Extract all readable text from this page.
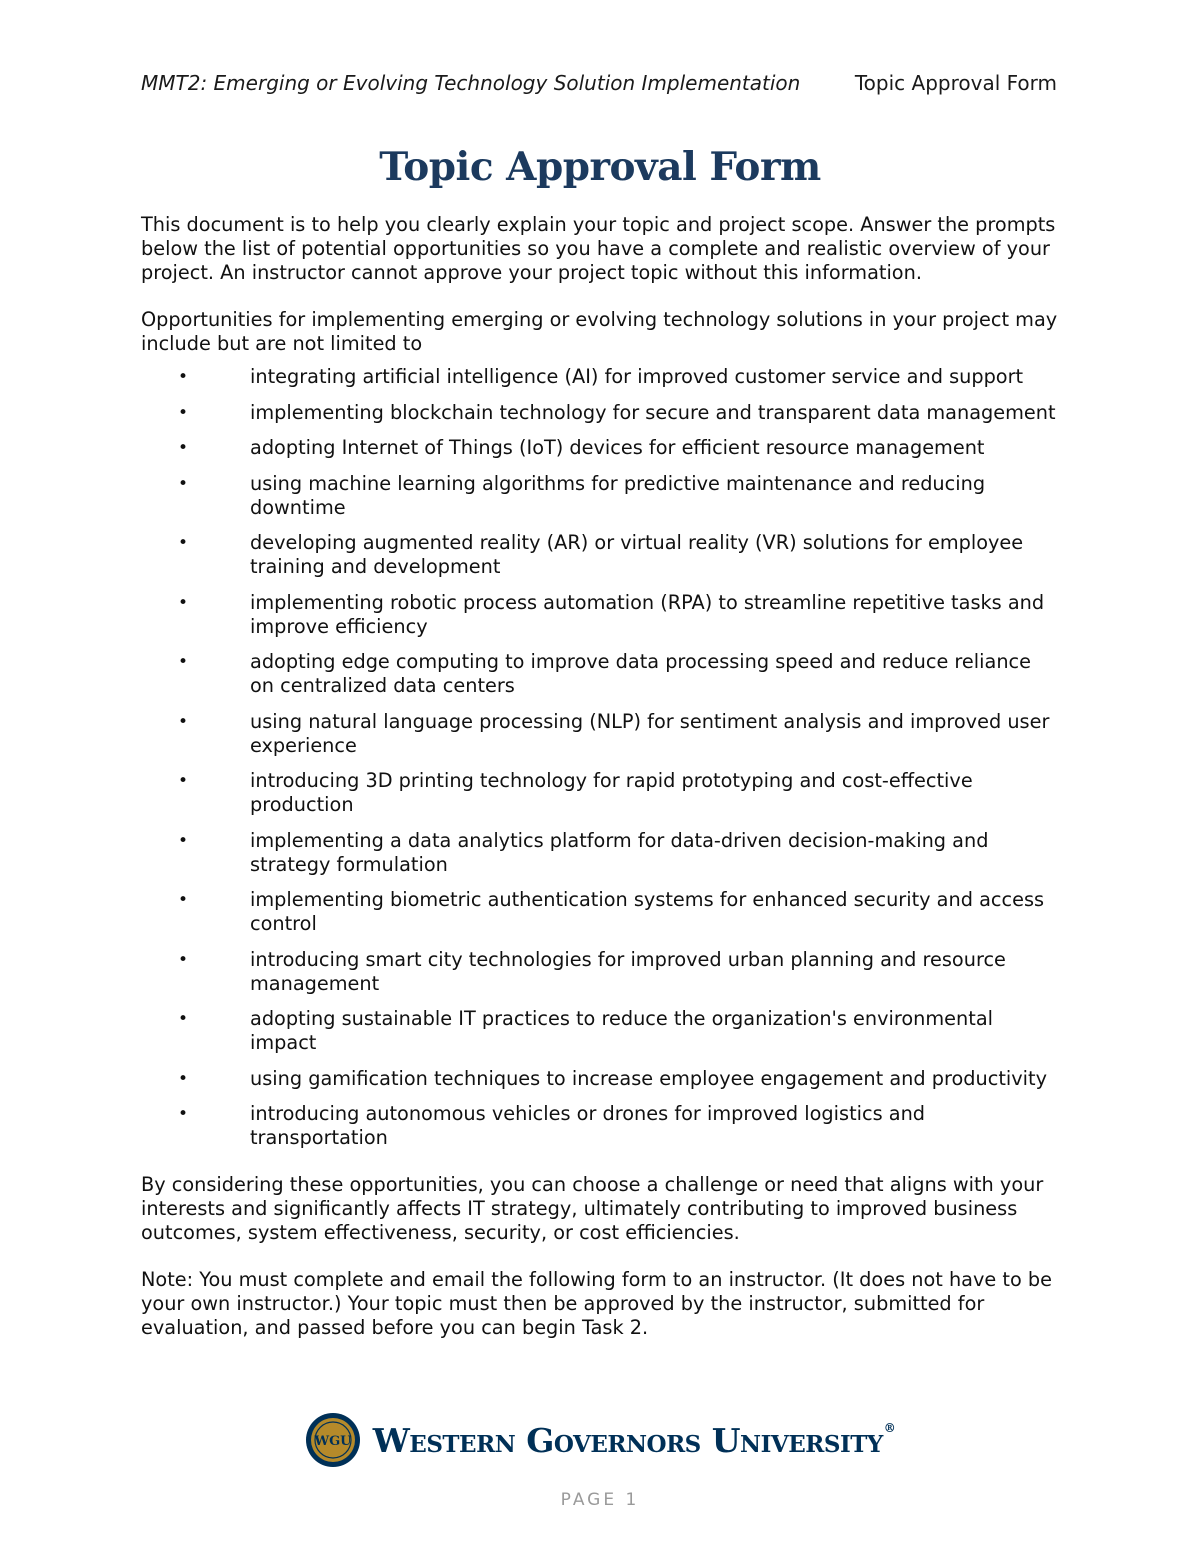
MMT2: Emerging or Evolving Technology Solution Implementation	Topic Approval Form
Topic Approval Form

This document is to help you clearly explain your topic and project scope. Answer the prompts below the list of potential opportunities so you have a complete and realistic overview of your project. An instructor cannot approve your project topic without this information.

Opportunities for implementing emerging or evolving technology solutions in your project may include but are not limited to

•	integrating artificial intelligence (AI) for improved customer service and support
•	implementing blockchain technology for secure and transparent data management
•	adopting Internet of Things (IoT) devices for efficient resource management
•	using machine learning algorithms for predictive maintenance and reducing downtime
•	developing augmented reality (AR) or virtual reality (VR) solutions for employee training and development
•	implementing robotic process automation (RPA) to streamline repetitive tasks and improve efficiency
•	adopting edge computing to improve data processing speed and reduce reliance on centralized data centers
•	using natural language processing (NLP) for sentiment analysis and improved user experience
•	introducing 3D printing technology for rapid prototyping and cost-effective production
•	implementing a data analytics platform for data-driven decision-making and strategy formulation
•	implementing biometric authentication systems for enhanced security and access control
•	introducing smart city technologies for improved urban planning and resource management
•	adopting sustainable IT practices to reduce the organization's environmental impact
•	using gamification techniques to increase employee engagement and productivity
•	introducing autonomous vehicles or drones for improved logistics and transportation

By considering these opportunities, you can choose a challenge or need that aligns with your interests and significantly affects IT strategy, ultimately contributing to improved business outcomes, system effectiveness, security, or cost efficiencies.

Note: You must complete and email the following form to an instructor. (It does not have to be your own instructor.) Your topic must then be approved by the instructor, submitted for evaluation, and passed before you can begin Task 2.

WGU Western Governors University®
PAGE 1
